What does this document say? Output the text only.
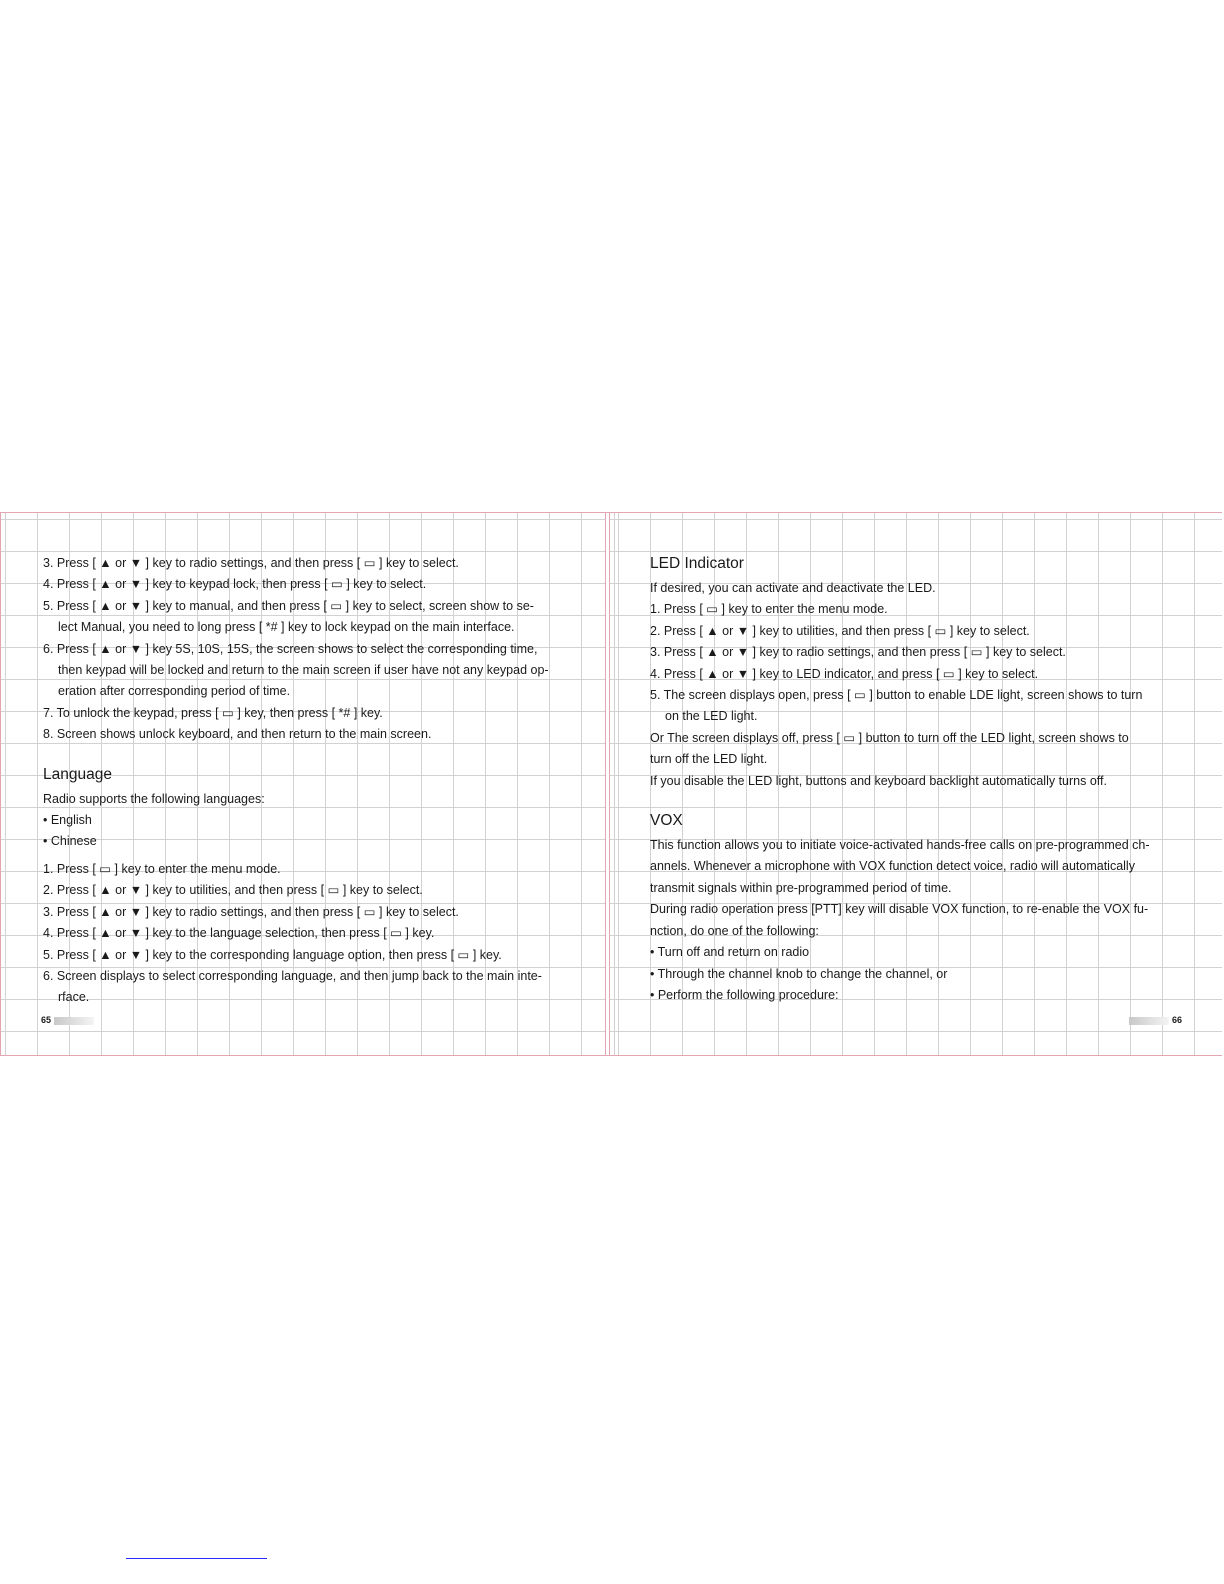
3. Press [ ▲ or ▼ ] key to radio settings, and then press [ ▭ ] key to select.
4. Press [ ▲ or ▼ ] key to keypad lock, then press [ ▭ ] key to select.
5. Press [ ▲ or ▼ ] key to manual, and then press [ ▭ ] key to select, screen show to se-
lect Manual, you need to long press [ *# ] key to lock keypad on the main interface.
6. Press [ ▲ or ▼ ] key 5S, 10S, 15S, the screen shows to select the corresponding time,
then keypad will be locked and return to the main screen if user have not any keypad op-
eration after corresponding period of time.
7. To unlock the keypad, press [ ▭ ] key, then press [ *# ] key.
8. Screen shows unlock keyboard, and then return to the main screen.
Language
Radio supports the following languages:
• English
• Chinese
1. Press [ ▭ ] key to enter the menu mode.
2. Press [ ▲ or ▼ ] key to utilities, and then press [ ▭ ] key to select.
3. Press [ ▲ or ▼ ] key to radio settings, and then press [ ▭ ] key to select.
4. Press [ ▲ or ▼ ] key to the language selection, then press [ ▭ ] key.
5. Press [ ▲ or ▼ ] key to the corresponding language option, then press [ ▭ ] key.
6. Screen displays to select corresponding language, and then jump back to the main inte-
rface.
65
LED Indicator
If desired, you can activate and deactivate the LED.
1. Press [ ▭ ] key to enter the menu mode.
2. Press [ ▲ or ▼ ] key to utilities, and then press [ ▭ ] key to select.
3. Press [ ▲ or ▼ ] key to radio settings, and then press [ ▭ ] key to select.
4. Press [ ▲ or ▼ ] key to LED indicator, and press [ ▭ ] key to select.
5. The screen displays open, press [ ▭ ] button to enable LDE light, screen shows to turn
on the LED light.
Or The screen displays off, press [ ▭ ] button to turn off the LED light, screen shows to
turn off the LED light.
If you disable the LED light, buttons and keyboard backlight automatically turns off.
VOX
This function allows you to initiate voice-activated hands-free calls on pre-programmed ch-
annels. Whenever a microphone with VOX function detect voice, radio will automatically
transmit signals within pre-programmed period of time.
During radio operation press [PTT] key will disable VOX function, to re-enable the VOX fu-
nction, do one of the following:
• Turn off and return on radio
• Through the channel knob to change the channel, or
• Perform the following procedure:
66
